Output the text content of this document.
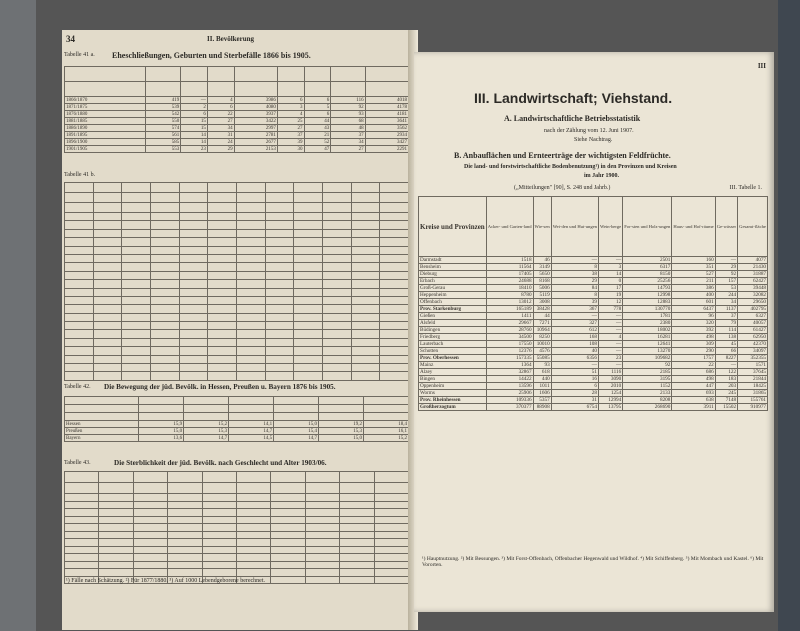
34	II. Bevölkerung
Tabelle 41 a. Eheschließungen, Geburten und Sterbefälle 1866 bis 1905.

1866/1870	419	—	4	3986	6	6	116	4018
1871/1875	539	2	6	4080	3	5	92	4178
1876/1880	542	6	22	3937	4	6	93	4181
1881/1885	550	15	27	3422	25	44	68	3641
1886/1890	574	15	34	2997	27	43	48	3562
1891/1895	561	14	31	2781	37	21	37	2934
1896/1900	585	14	24	2677	39	52	34	3427
1901/1905	553	23	29	2153	30	47	27	2291
Tabelle 41 b.

Tabelle 42. Die Bewegung der jüd. Bevölk. in Hessen, Preußen u. Bayern 1876 bis 1905.

Hessen	15,9	15,2	14,1	15,0	19,2	18,4
Preußen	15,0	15,3	14,7	15,4	15,3	16,1
Bayern	13,6	14,7	14,5	14,7	15,0	15,2
Tabelle 43.	Die Sterblichkeit der jüd. Bevölk. nach Geschlecht und Alter 1903/06.

¹) Fälle nach Schätzung. ²) Für 1877/1880. ³) Auf 1000 Lebendgeborene berechnet.
III
III. Landwirtschaft; Viehstand.
A. Landwirtschaftliche Betriebsstatistik
nach der Zählung vom 12. Juni 1907.
Siehe Nachtrag.
B. Anbauflächen und Ernteerträge der wichtigsten Feldfrüchte.
Die land- und forstwirtschaftliche Bodenbenutzung¹) in den Provinzen und Kreisen
im Jahr 1900.
(„Mitteilungen" [90], S. 248 und Jahrb.)	III. Tabelle 1.
Kreise und Provinzen	Acker- und Garten-land	Wie-sen	Wei-den und Hut-ungen	Wein-berge	For-sten und Holz-ungen	Haus- und Hof-räume	Ge-wässer	Gesamt-fläche
Darmstadt	1518	46	—	—	2501	160	—	4077
Bensheim	11564	3149	8	3	6317	351	29	21430
Dieburg	17405	5650	38	14	8150	527	92	31887
Erbach	24688	8168	29	0	25256	211	157	62427
Groß-Gerau	18410	5006	84	17	14793	386	53	39448
Heppenheim	8780	5119	8	19	12998	400	244	32082
Offenbach	13012	3008	39	12	12883	601	34	29650
Prov. Starkenburg	165189	38428	367	778	130770	6437	1137	402795
Gießen	1411	44	—	—	1781	96	37	6327
Alsfeld	29667	7271	327	—	2380	320	79	40057
Büdingen	28760	10964	612	—	18002	392	114	61427
Friedberg	34500	8250	168	4	16281	498	138	62950
Lauterbach	17550	10010	108	—	12641	309	45	42370
Schotten	12376	4576	40	—	13270	290	66	34097
Prov. Oberhessen	157335	55085	6356	23	109682	1757	8227	352355
Mainz	1364	93	—	—	92	22	—	1571
Alzey	32867	618	51	1116	2185	686	122	37645
Bingen	14422	440	16	3090	3195	498	183	21844
Oppenheim	13596	1011	6	2010	1152	447	203	18425
Worms	25906	1606	28	1254	2133	693	245	31865
Prov. Rheinhessen	109336	5357	31	12994	8208	638	7148	155761
Großherzogtum	370377	88908	6754	13795	268690	3911	15502	910977
¹) Hauptnutzung. ²) Mit Bessungen. ³) Mit Forst-Offenbach, Offenbacher Hegenwald und Wildhof. ⁴) Mit Schiffenberg. ⁵) Mit Mombach und Kastel. ⁶) Mit Vororten.
